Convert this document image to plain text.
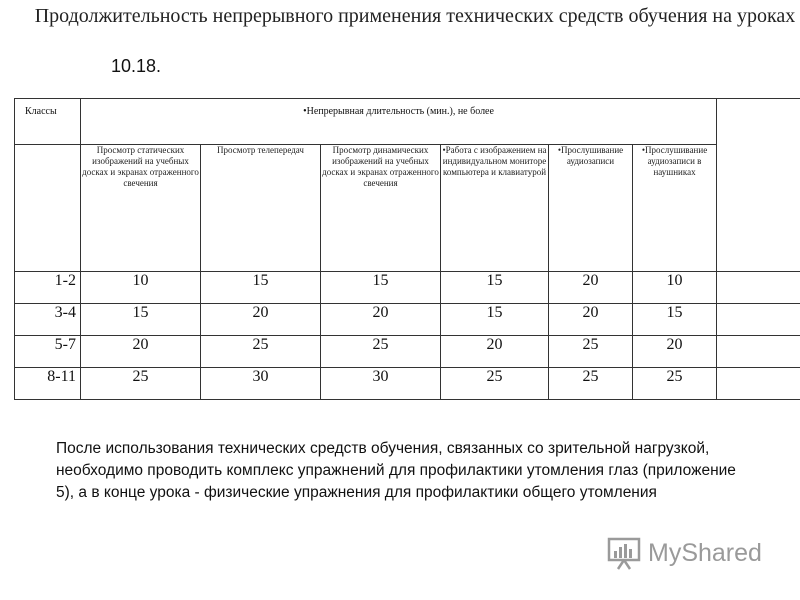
Продолжительность непрерывного применения технических средств обучения на уроках
10.18.
Классы	•Непрерывная длительность (мин.), не более						
	Просмотр статических изображений на учебных досках и экранах отраженного свечения	Просмотр телепередач	Просмотр динамических изображений на учебных досках и экранах отраженного свечения	•Работа с изображением на индивидуальном мониторе компьютера и клавиатурой	•Прослушивание аудиозаписи	•Прослушивание аудиозаписи в наушниках	
1-2	10	15	15	15	20	10	
3-4	15	20	20	15	20	15	
5-7	20	25	25	20	25	20	
8-11	25	30	30	25	25	25	
После использования технических средств обучения, связанных со зрительной нагрузкой, необходимо проводить комплекс упражнений для профилактики утомления глаз (приложение 5), а в конце урока - физические упражнения для профилактики общего утомления
MyShared
